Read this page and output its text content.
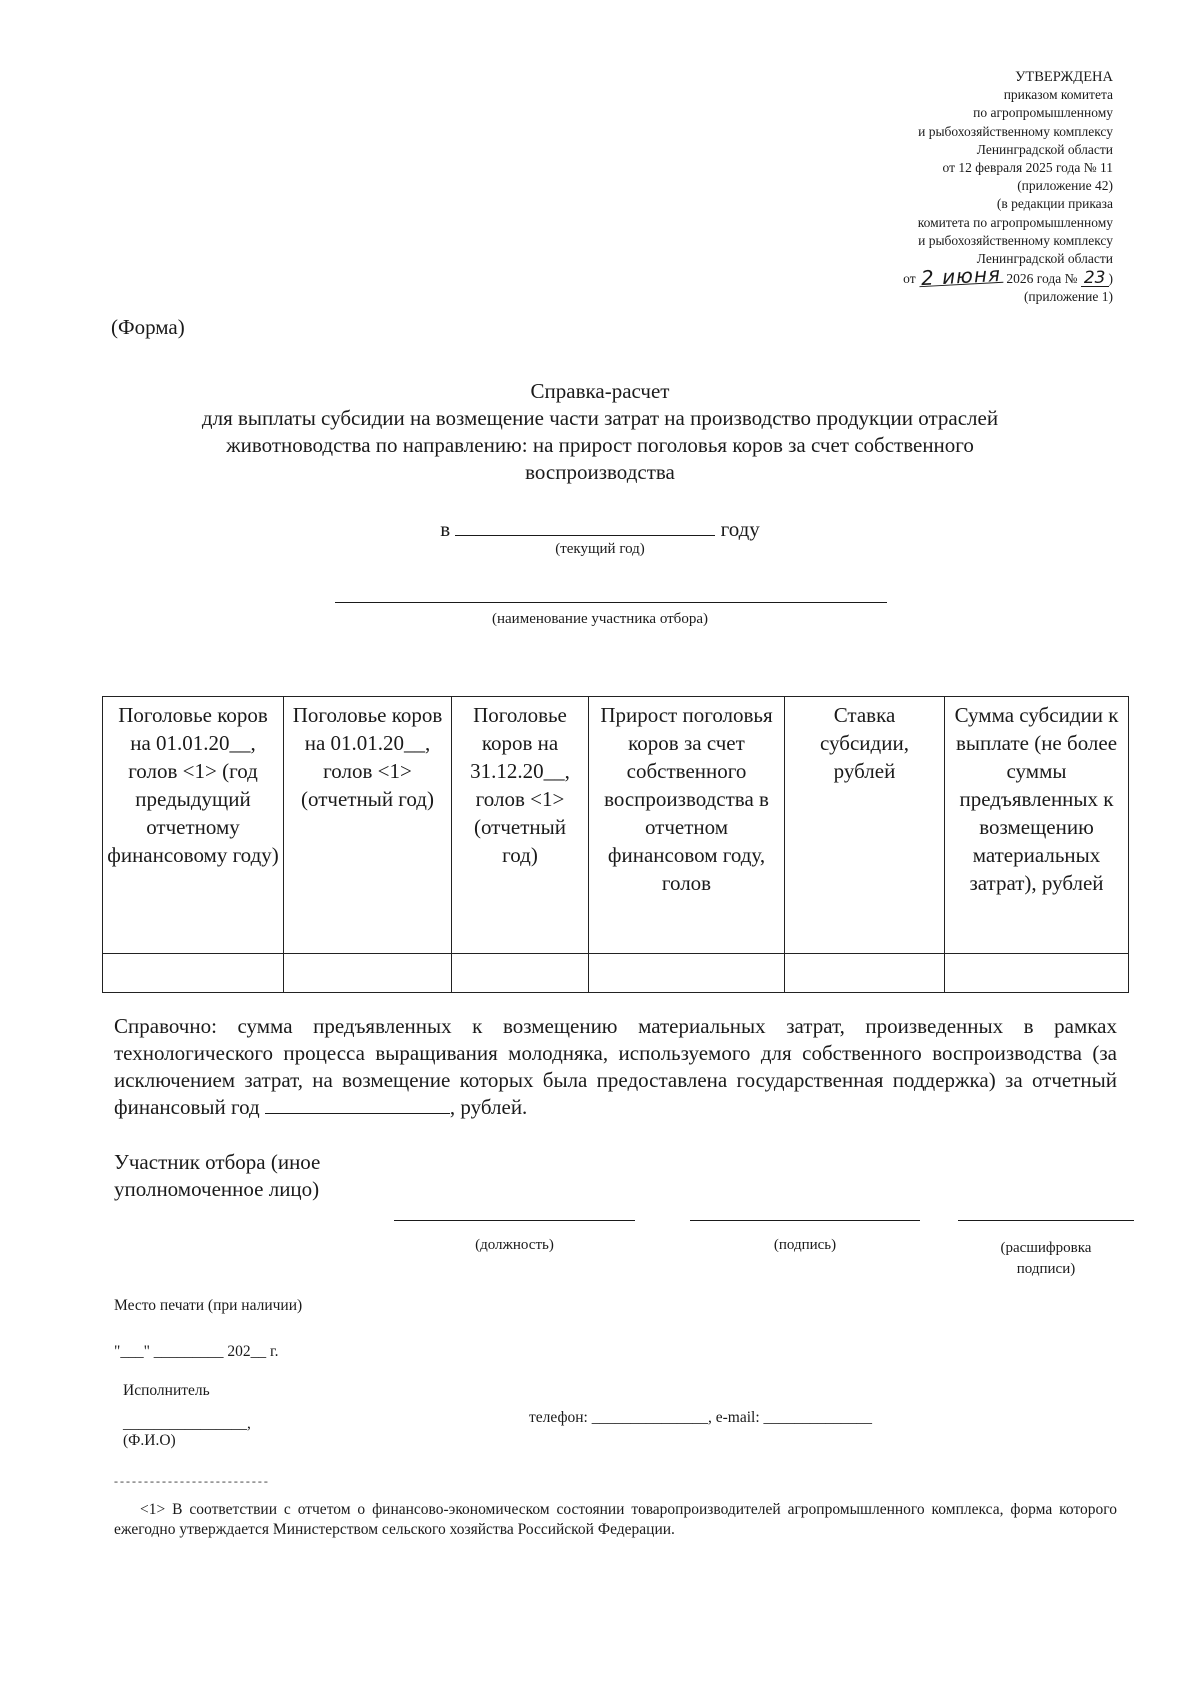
УТВЕРЖДЕНА
приказом комитета
по агропромышленному
и рыбохозяйственному комплексу
Ленинградской области
от 12 февраля 2025 года № 11
(приложение 42)
(в редакции приказа
комитета по агропромышленному
и рыбохозяйственному комплексу
Ленинградской области
от 2 июня 2026 года № 23 )
(приложение 1)
(Форма)
Справка-расчет
для выплаты субсидии на возмещение части затрат на производство продукции отраслей
животноводства по направлению: на прирост поголовья коров за счет собственного
воспроизводства
в	году
(текущий год)
(наименование участника отбора)
Поголовье коров на 01.01.20__, голов <1> (год предыдущий отчетному финансовому году)	Поголовье коров на 01.01.20__, голов <1> (отчетный год)	Поголовье коров на 31.12.20__, голов <1> (отчетный год)	Прирост поголовья коров за счет собственного воспроизводства в отчетном финансовом году, голов	Ставка субсидии, рублей	Сумма субсидии к выплате (не более суммы предъявленных к возмещению материальных затрат), рублей

Справочно: сумма предъявленных к возмещению материальных затрат, произведенных в рамках технологического процесса выращивания молодняка, используемого для собственного воспроизводства (за исключением затрат, на возмещение которых была предоставлена государственная поддержка) за отчетный финансовый год	, рублей.
Участник отбора (иное
уполномоченное лицо)
(должность)	(подпись)	(расшифровка
подписи)
Место печати (при наличии)
"___" _________ 202__ г.
Исполнитель
________________,
(Ф.И.О)
телефон: _______________, e-mail: ______________
--------------------------
<1> В соответствии с отчетом о финансово-экономическом состоянии товаропроизводителей агропромышленного комплекса, форма которого ежегодно утверждается Министерством сельского хозяйства Российской Федерации.
